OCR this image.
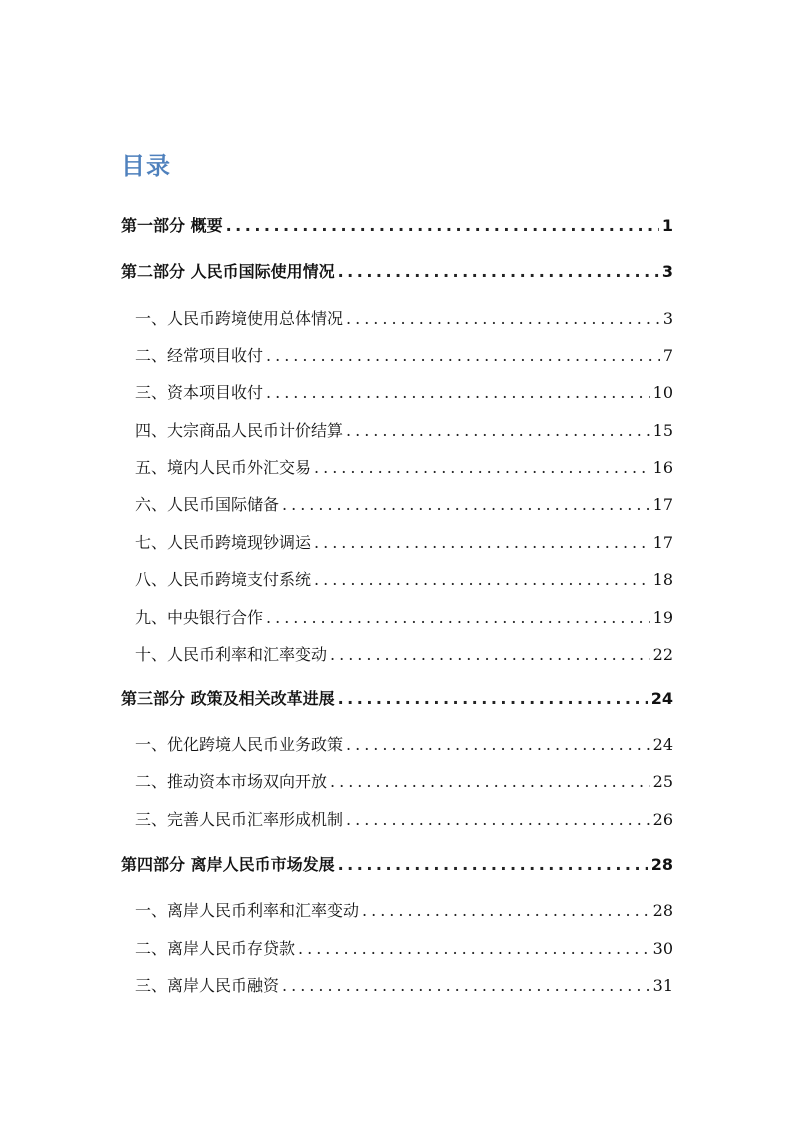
目录
第一部分 概要 .....	1
第二部分 人民币国际使用情况 .....	3
一、人民币跨境使用总体情况 .....	3
二、经常项目收付 .....	7
三、资本项目收付 .....	10
四、大宗商品人民币计价结算 .....	15
五、境内人民币外汇交易 .....	16
六、人民币国际储备 .....	17
七、人民币跨境现钞调运 .....	17
八、人民币跨境支付系统 .....	18
九、中央银行合作 .....	19
十、人民币利率和汇率变动 .....	22
第三部分 政策及相关改革进展 .....	24
一、优化跨境人民币业务政策 .....	24
二、推动资本市场双向开放 .....	25
三、完善人民币汇率形成机制 .....	26
第四部分 离岸人民币市场发展 .....	28
一、离岸人民币利率和汇率变动 .....	28
二、离岸人民币存贷款 .....	30
三、离岸人民币融资 .....	31
